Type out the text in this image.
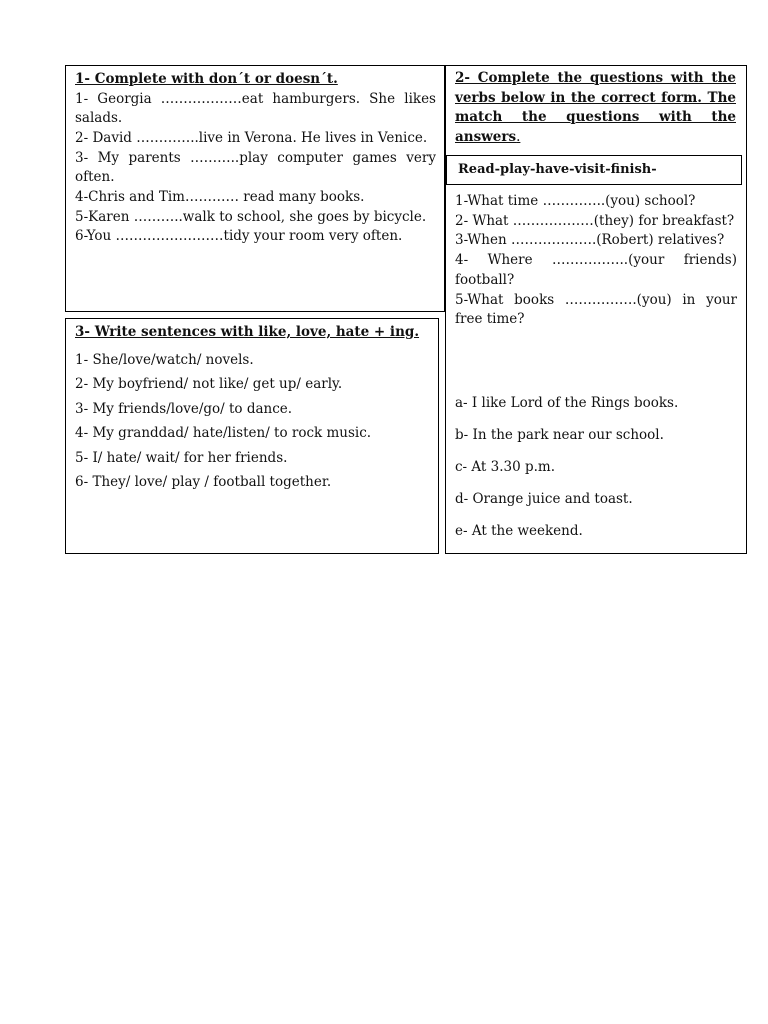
1- Complete with don´t or doesn´t.

1- Georgia ………………eat hamburgers. She likes salads.

2- David …………..live in Verona. He lives in Venice.

3- My parents ………..play computer games very often.

4-Chris and Tim………… read many books.

5-Karen ………..walk to school, she goes by bicycle.

6-You ……………………tidy your room very often.

2- Complete the questions with the verbs below in the correct form. The match the questions with the answers.

Read-play-have-visit-finish-

1-What time …………..(you) school?

2- What ………………(they) for breakfast?

3-When ……………….(Robert) relatives?

4- Where ……………..(your friends) football?

5-What books …………….(you) in your free time?

a- I like Lord of the Rings books.

b- In the park near our school.

c- At 3.30 p.m.

d- Orange juice and toast.

e- At the weekend.

3- Write sentences with like, love, hate + ing.

1- She/love/watch/ novels.

2- My boyfriend/ not like/ get up/ early.

3- My friends/love/go/ to dance.

4- My granddad/ hate/listen/ to rock music.

5- I/ hate/ wait/ for her friends.

6- They/ love/ play / football together.
